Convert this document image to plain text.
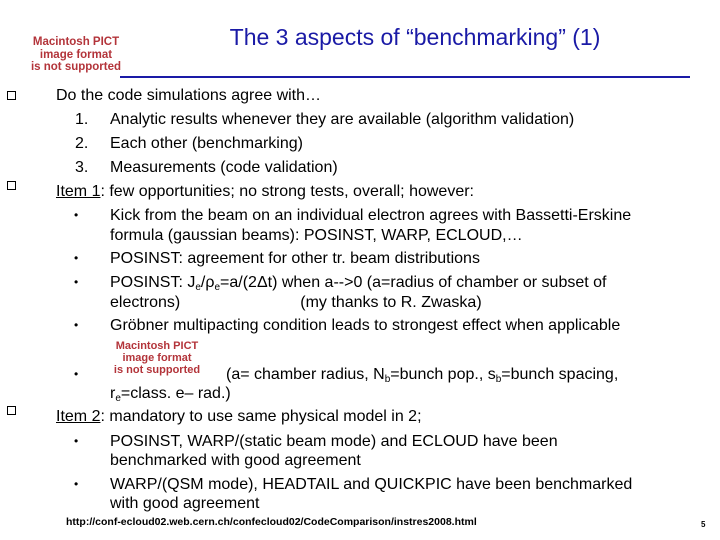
Macintosh PICT
image format
is not supported
The 3 aspects of “benchmarking” (1)
Do the code simulations agree with…
1. Analytic results whenever they are available (algorithm validation)
2. Each other (benchmarking)
3. Measurements (code validation)
Item 1: few opportunities; no strong tests, overall; however:
• Kick from the beam on an individual electron agrees with Bassetti-Erskine
formula (gaussian beams): POSINST, WARP, ECLOUD,…
• POSINST: agreement for other tr. beam distributions
• POSINST: $J_e/\rho_e=a/(2\Delta t)$ when a-->0 (a=radius of chamber or subset of
electrons)                           (my thanks to R. Zwaska)
• Gröbner multipacting condition leads to strongest effect when applicable
Macintosh PICT
image format
is not supported
•	(a= chamber radius, $N_b=bunch$ pop., $s_b=bunch$ spacing,
$r_e=class$. e– rad.)
Item 2: mandatory to use same physical model in 2;
• POSINST, WARP/(static beam mode) and ECLOUD have been
benchmarked with good agreement
• WARP/(QSM mode), HEADTAIL and QUICKPIC have been benchmarked
with good agreement
http://conf-ecloud02.web.cern.ch/confecloud02/CodeComparison/instres2008.html	5
